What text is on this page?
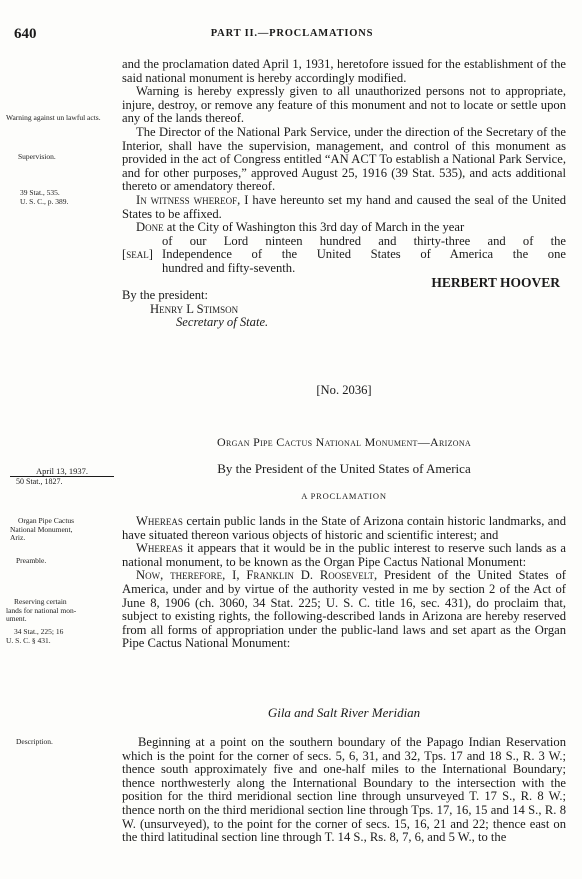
640	PART II.—PROCLAMATIONS

Warning against un lawful acts.

Supervision.

39 Stat., 535.

U. S. C., p. 389.

April 13, 1937.

50 Stat., 1827.

Organ Pipe Cactus

National Monument,

Ariz.

Preamble.

Reserving certain

lands for national mon-

ument.

34 Stat., 225; 16

U. S. C. § 431.

Description.

and the proclamation dated April 1, 1931, heretofore issued for the establishment of the said national monument is hereby accordingly modified.

Warning is hereby expressly given to all unauthorized persons not to appropriate, injure, destroy, or remove any feature of this monument and not to locate or settle upon any of the lands thereof.

The Director of the National Park Service, under the direction of the Secretary of the Interior, shall have the supervision, management, and control of this monument as provided in the act of Congress entitled “AN ACT To establish a National Park Service, and for other purposes,” approved August 25, 1916 (39 Stat. 535), and acts additional thereto or amendatory thereof.

In witness whereof, I have hereunto set my hand and caused the seal of the United States to be affixed.

Done at the City of Washington this 3rd day of March in the year

of our Lord ninteen hundred and thirty-three and of the

[seal] Independence of the United States of America the one

hundred and fifty-seventh.

HERBERT HOOVER

By the president:

Henry L Stimson

Secretary of State.

[No. 2036]

Organ Pipe Cactus National Monument—Arizona

By the President of the United States of America

A PROCLAMATION

Whereas certain public lands in the State of Arizona contain historic landmarks, and have situated thereon various objects of historic and scientific interest; and

Whereas it appears that it would be in the public interest to reserve such lands as a national monument, to be known as the Organ Pipe Cactus National Monument:

Now, therefore, I, Franklin D. Roosevelt, President of the United States of America, under and by virtue of the authority vested in me by section 2 of the Act of June 8, 1906 (ch. 3060, 34 Stat. 225; U. S. C. title 16, sec. 431), do proclaim that, subject to existing rights, the following-described lands in Arizona are hereby reserved from all forms of appropriation under the public-land laws and set apart as the Organ Pipe Cactus National Monument:

Gila and Salt River Meridian

Beginning at a point on the southern boundary of the Papago Indian Reservation which is the point for the corner of secs. 5, 6, 31, and 32, Tps. 17 and 18 S., R. 3 W.; thence south approximately five and one-half miles to the International Boundary; thence northwesterly along the International Boundary to the intersection with the position for the third meridional section line through unsurveyed T. 17 S., R. 8 W.; thence north on the third meridional section line through Tps. 17, 16, 15 and 14 S., R. 8 W. (unsurveyed), to the point for the corner of secs. 15, 16, 21 and 22; thence east on the third latitudinal section line through T. 14 S., Rs. 8, 7, 6, and 5 W., to the
